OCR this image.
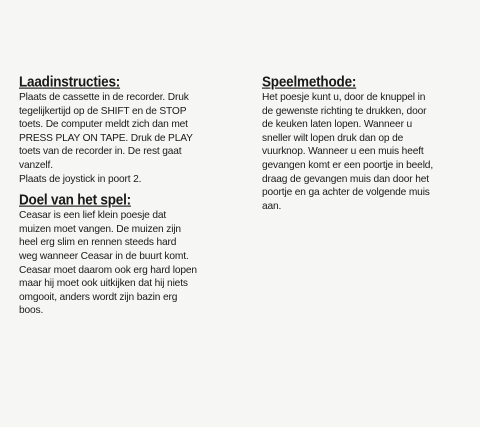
Laadinstructies:

Plaats de cassette in de recorder. Druk
tegelijkertijd op de SHIFT en de STOP
toets. De computer meldt zich dan met
PRESS PLAY ON TAPE. Druk de PLAY
toets van de recorder in. De rest gaat
vanzelf.
Plaats de joystick in poort 2.

Doel van het spel:

Ceasar is een lief klein poesje dat
muizen moet vangen. De muizen zijn
heel erg slim en rennen steeds hard
weg wanneer Ceasar in de buurt komt.
Ceasar moet daarom ook erg hard lopen
maar hij moet ook uitkijken dat hij niets
omgooit, anders wordt zijn bazin erg
boos.

Speelmethode:

Het poesje kunt u, door de knuppel in
de gewenste richting te drukken, door
de keuken laten lopen. Wanneer u
sneller wilt lopen druk dan op de
vuurknop. Wanneer u een muis heeft
gevangen komt er een poortje in beeld,
draag de gevangen muis dan door het
poortje en ga achter de volgende muis
aan.
